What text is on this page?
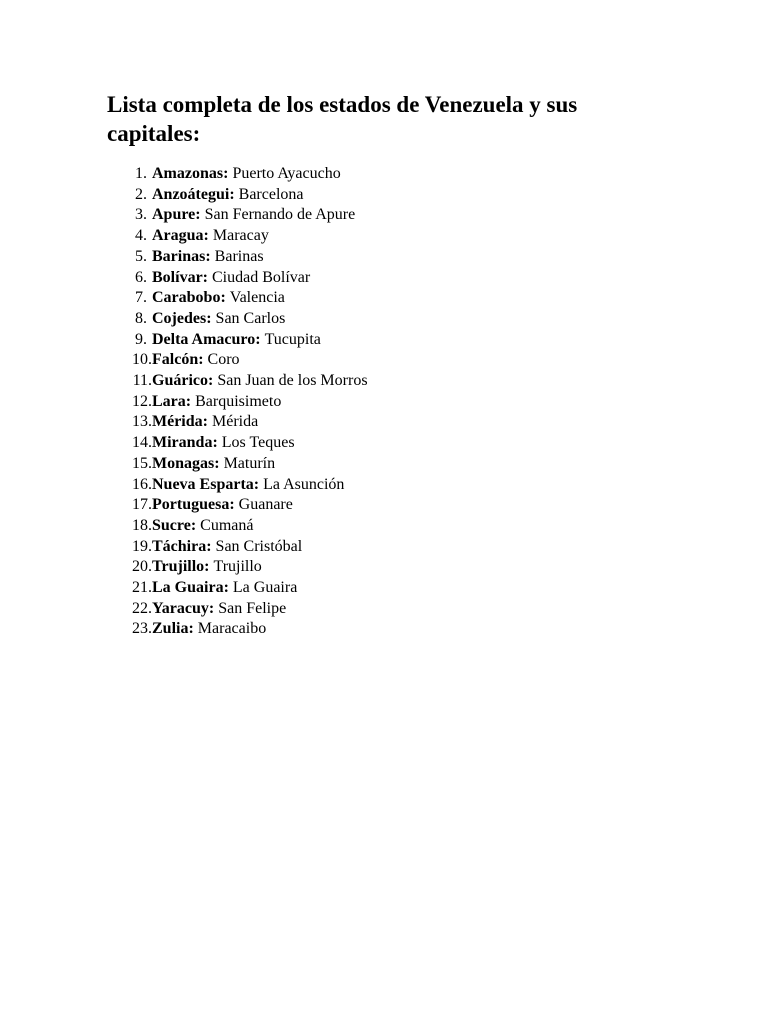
Lista completa de los estados de Venezuela y sus capitales:
1. Amazonas:
Puerto Ayacucho
2. Anzoátegui:
Barcelona
3. Apure:
San Fernando de Apure
4. Aragua:
Maracay
5. Barinas:
Barinas
6. Bolívar:
Ciudad Bolívar
7. Carabobo:
Valencia
8. Cojedes:
San Carlos
9. Delta Amacuro:
Tucupita
10. Falcón:
Coro
11. Guárico:
San Juan de los Morros
12. Lara:
Barquisimeto
13. Mérida:
Mérida
14. Miranda:
Los Teques
15. Monagas:
Maturín
16. Nueva Esparta:
La Asunción
17. Portuguesa:
Guanare
18. Sucre:
Cumaná
19. Táchira:
San Cristóbal
20. Trujillo:
Trujillo
21. La Guaira:
La Guaira
22. Yaracuy:
San Felipe
23. Zulia:
Maracaibo
